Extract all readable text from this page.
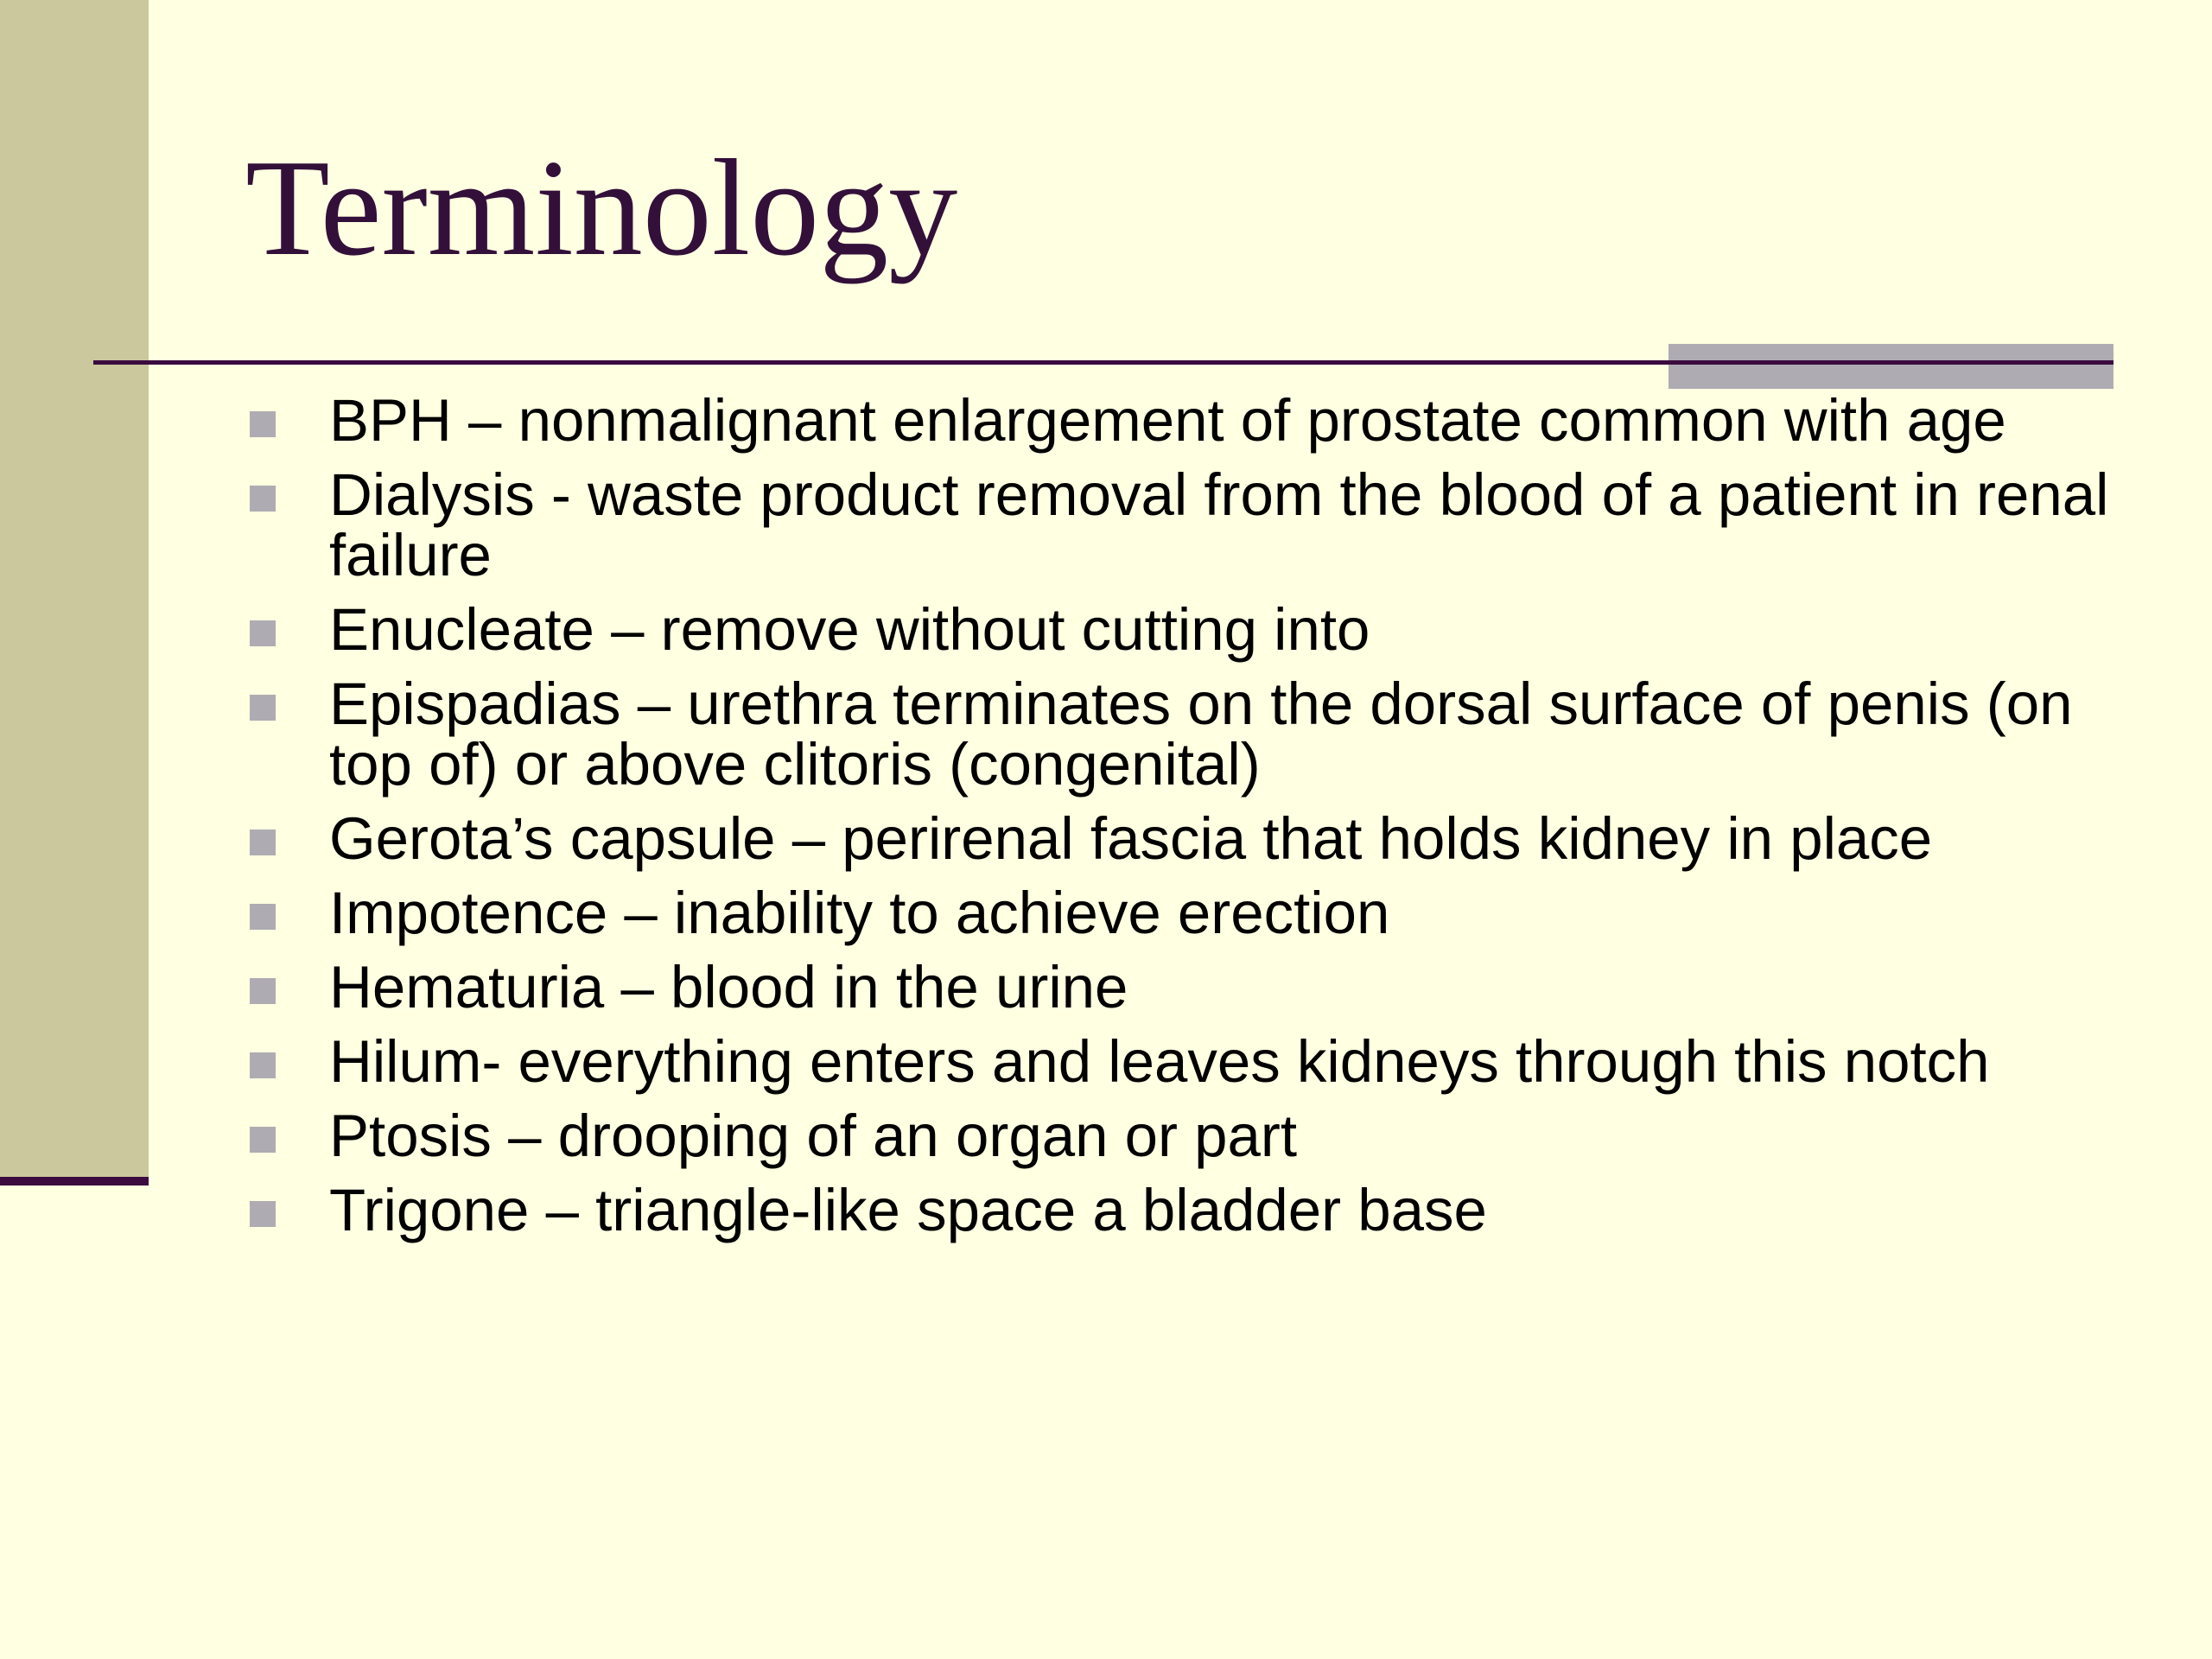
Terminology
BPH – nonmalignant enlargement of prostate common with age
Dialysis - waste product removal from the blood of a patient in renal failure
Enucleate – remove without cutting into
Epispadias – urethra terminates on the dorsal surface of penis (on top of) or above clitoris (congenital)
Gerota’s capsule – perirenal fascia that holds kidney in place
Impotence – inability to achieve erection
Hematuria – blood in the urine
Hilum- everything enters and leaves kidneys through this notch
Ptosis – drooping of an organ or part
Trigone – triangle-like space a bladder base
